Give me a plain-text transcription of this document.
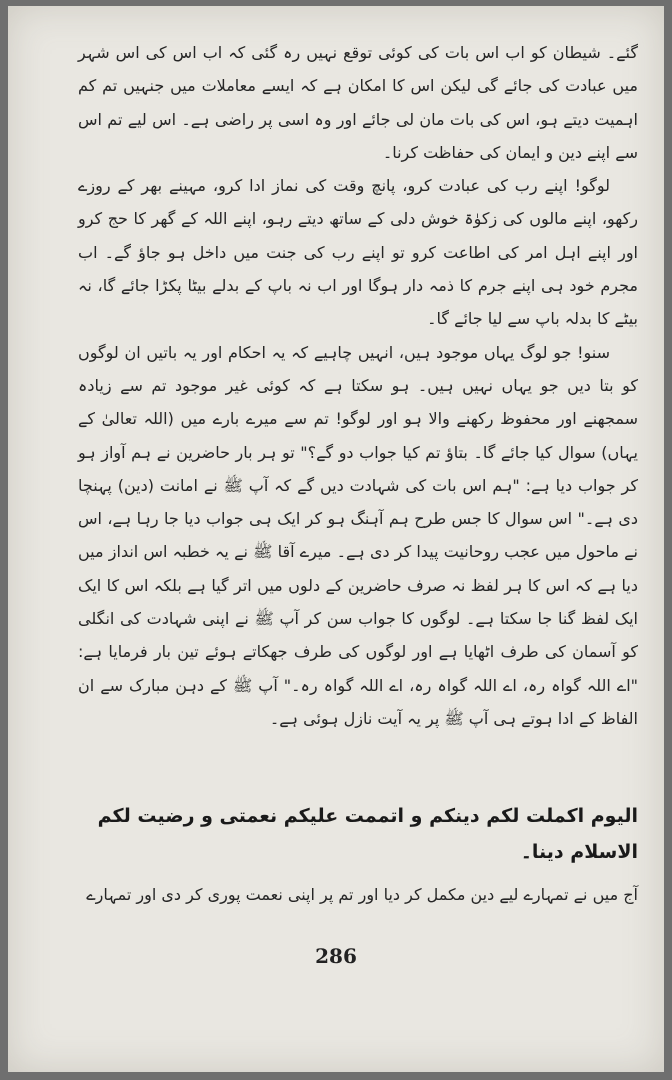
گئے۔ شیطان کو اب اس بات کی کوئی توقع نہیں رہ گئی کہ اب اس کی اس شہر میں عبادت کی جائے گی لیکن اس کا امکان ہے کہ ایسے معاملات میں جنہیں تم کم اہمیت دیتے ہو، اس کی بات مان لی جائے اور وہ اسی پر راضی ہے۔ اس لیے تم اس سے اپنے دین و ایمان کی حفاظت کرنا۔

لوگو! اپنے رب کی عبادت کرو، پانچ وقت کی نماز ادا کرو، مہینے بھر کے روزے رکھو، اپنے مالوں کی زکوٰۃ خوش دلی کے ساتھ دیتے رہو، اپنے اللہ کے گھر کا حج کرو اور اپنے اہل امر کی اطاعت کرو تو اپنے رب کی جنت میں داخل ہو جاؤ گے۔ اب مجرم خود ہی اپنے جرم کا ذمہ دار ہوگا اور اب نہ باپ کے بدلے بیٹا پکڑا جائے گا، نہ بیٹے کا بدلہ باپ سے لیا جائے گا۔

سنو! جو لوگ یہاں موجود ہیں، انہیں چاہیے کہ یہ احکام اور یہ باتیں ان لوگوں کو بتا دیں جو یہاں نہیں ہیں۔ ہو سکتا ہے کہ کوئی غیر موجود تم سے زیادہ سمجھنے اور محفوظ رکھنے والا ہو اور لوگو! تم سے میرے بارے میں (اللہ تعالیٰ کے یہاں) سوال کیا جائے گا۔ بتاؤ تم کیا جواب دو گے؟" تو ہر بار حاضرین نے ہم آواز ہو کر جواب دیا ہے: "ہم اس بات کی شہادت دیں گے کہ آپ ﷺ نے امانت (دین) پہنچا دی ہے۔" اس سوال کا جس طرح ہم آہنگ ہو کر ایک ہی جواب دیا جا رہا ہے، اس نے ماحول میں عجب روحانیت پیدا کر دی ہے۔ میرے آقا ﷺ نے یہ خطبہ اس انداز میں دیا ہے کہ اس کا ہر لفظ نہ صرف حاضرین کے دلوں میں اتر گیا ہے بلکہ اس کا ایک ایک لفظ گنا جا سکتا ہے۔ لوگوں کا جواب سن کر آپ ﷺ نے اپنی شہادت کی انگلی کو آسمان کی طرف اٹھایا ہے اور لوگوں کی طرف جھکاتے ہوئے تین بار فرمایا ہے: "اے اللہ گواہ رہ، اے اللہ گواہ رہ، اے اللہ گواہ رہ۔" آپ ﷺ کے دہن مبارک سے ان الفاظ کے ادا ہوتے ہی آپ ﷺ پر یہ آیت نازل ہوئی ہے۔

الیوم اکملت لکم دینکم و اتممت علیکم نعمتی و رضیت لکم الاسلام دینا۔
آج میں نے تمہارے لیے دین مکمل کر دیا اور تم پر اپنی نعمت پوری کر دی اور تمہارے
286
